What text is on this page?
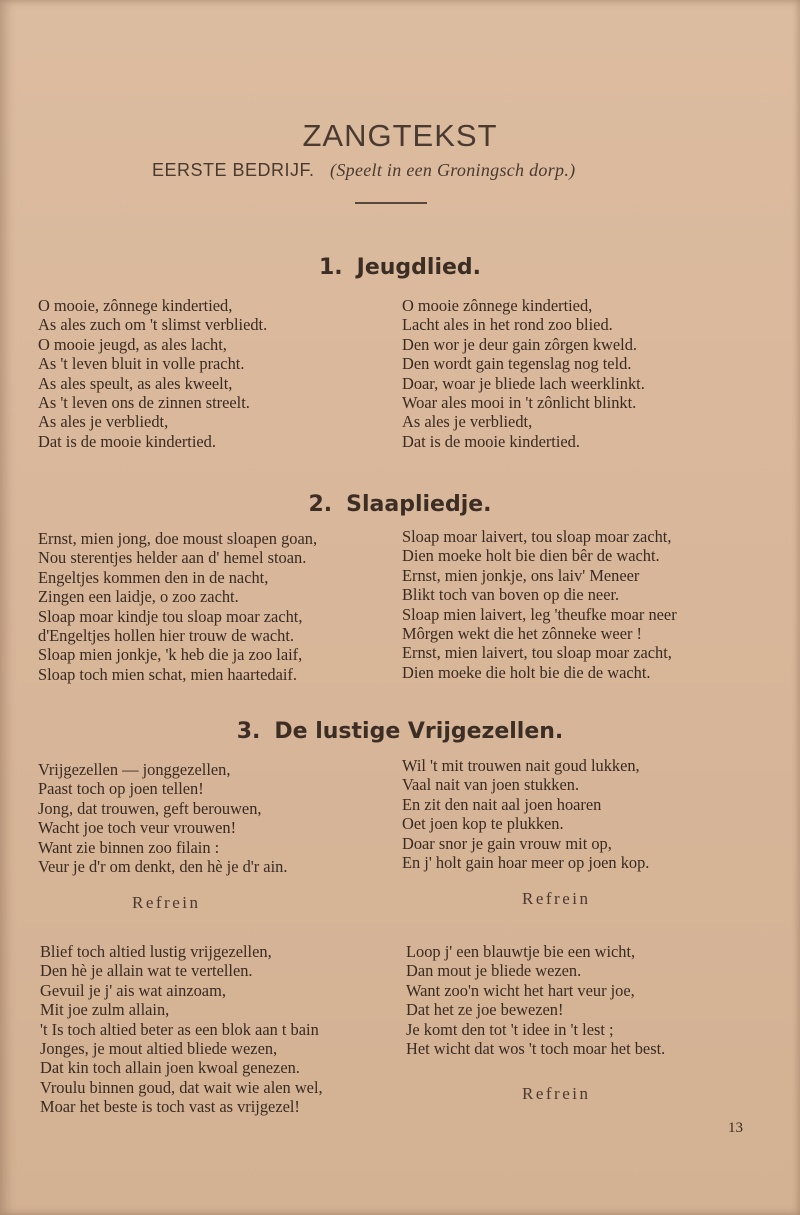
ZANGTEKST
EERSTE BEDRIJF. (Speelt in een Groningsch dorp.)
1. Jeugdlied.
O mooie, zônnege kindertied,
As ales zuch om 't slimst verbliedt.
O mooie jeugd, as ales lacht,
As 't leven bluit in volle pracht.
As ales speult, as ales kweelt,
As 't leven ons de zinnen streelt.
As ales je verbliedt,
Dat is de mooie kindertied.
O mooie zônnege kindertied,
Lacht ales in het rond zoo blied.
Den wor je deur gain zôrgen kweld.
Den wordt gain tegenslag nog teld.
Doar, woar je bliede lach weerklinkt.
Woar ales mooi in 't zônlicht blinkt.
As ales je verbliedt,
Dat is de mooie kindertied.
2. Slaapliedje.
Ernst, mien jong, doe moust sloapen goan,
Nou sterentjes helder aan d' hemel stoan.
Engeltjes kommen den in de nacht,
Zingen een laidje, o zoo zacht.
Sloap moar kindje tou sloap moar zacht,
d'Engeltjes hollen hier trouw de wacht.
Sloap mien jonkje, 'k heb die ja zoo laif,
Sloap toch mien schat, mien haartedaif.
Sloap moar laivert, tou sloap moar zacht,
Dien moeke holt bie dien bêr de wacht.
Ernst, mien jonkje, ons laiv' Meneer
Blikt toch van boven op die neer.
Sloap mien laivert, leg 'theufke moar neer
Môrgen wekt die het zônneke weer !
Ernst, mien laivert, tou sloap moar zacht,
Dien moeke die holt bie die de wacht.
3. De lustige Vrijgezellen.
Vrijgezellen — jonggezellen,
Paast toch op joen tellen!
Jong, dat trouwen, geft berouwen,
Wacht joe toch veur vrouwen!
Want zie binnen zoo filain :
Veur je d'r om denkt, den hè je d'r ain.
Wil 't mit trouwen nait goud lukken,
Vaal nait van joen stukken.
En zit den nait aal joen hoaren
Oet joen kop te plukken.
Doar snor je gain vrouw mit op,
En j' holt gain hoar meer op joen kop.
Refrein	Refrein
Blief toch altied lustig vrijgezellen,
Den hè je allain wat te vertellen.
Gevuil je j' ais wat ainzoam,
Mit joe zulm allain,
't Is toch altied beter as een blok aan t bain
Jonges, je mout altied bliede wezen,
Dat kin toch allain joen kwoal genezen.
Vroulu binnen goud, dat wait wie alen wel,
Moar het beste is toch vast as vrijgezel!
Loop j' een blauwtje bie een wicht,
Dan mout je bliede wezen.
Want zoo'n wicht het hart veur joe,
Dat het ze joe bewezen!
Je komt den tot 't idee in 't lest ;
Het wicht dat wos 't toch moar het best.
Refrein
13
